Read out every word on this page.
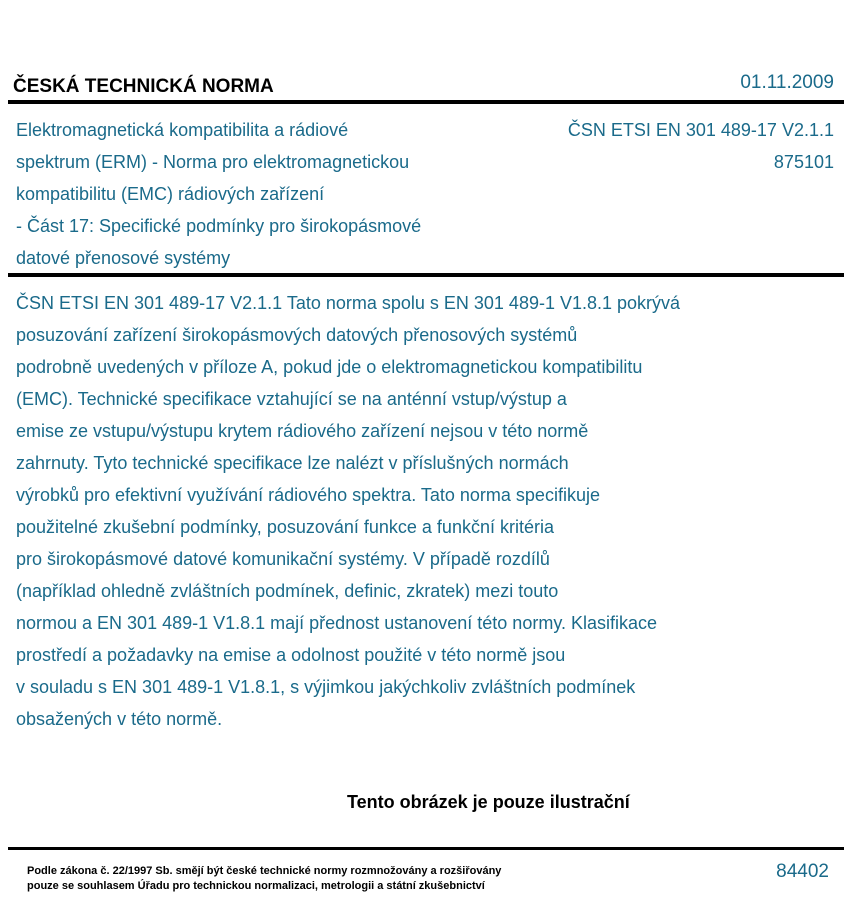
ČESKÁ TECHNICKÁ NORMA	01.11.2009
Elektromagnetická kompatibilita a rádiové
spektrum (ERM) - Norma pro elektromagnetickou
kompatibilitu (EMC) rádiových zařízení
- Část 17: Specifické podmínky pro širokopásmové
datové přenosové systémy
ČSN ETSI EN 301 489-17 V2.1.1
875101
ČSN ETSI EN 301 489-17 V2.1.1 Tato norma spolu s EN 301 489-1 V1.8.1 pokrývá
posuzování zařízení širokopásmových datových přenosových systémů
podrobně uvedených v příloze A, pokud jde o elektromagnetickou kompatibilitu
(EMC). Technické specifikace vztahující se na anténní vstup/výstup a
emise ze vstupu/výstupu krytem rádiového zařízení nejsou v této normě
zahrnuty. Tyto technické specifikace lze nalézt v příslušných normách
výrobků pro efektivní využívání rádiového spektra. Tato norma specifikuje
použitelné zkušební podmínky, posuzování funkce a funkční kritéria
pro širokopásmové datové komunikační systémy. V případě rozdílů
(například ohledně zvláštních podmínek, definic, zkratek) mezi touto
normou a EN 301 489-1 V1.8.1 mají přednost ustanovení této normy. Klasifikace
prostředí a požadavky na emise a odolnost použité v této normě jsou
v souladu s EN 301 489-1 V1.8.1, s výjimkou jakýchkoliv zvláštních podmínek
obsažených v této normě.
Tento obrázek je pouze ilustrační
Podle zákona č. 22/1997 Sb. smějí být české technické normy rozmnožovány a rozšiřovány
pouze se souhlasem Úřadu pro technickou normalizaci, metrologii a státní zkušebnictví
84402
